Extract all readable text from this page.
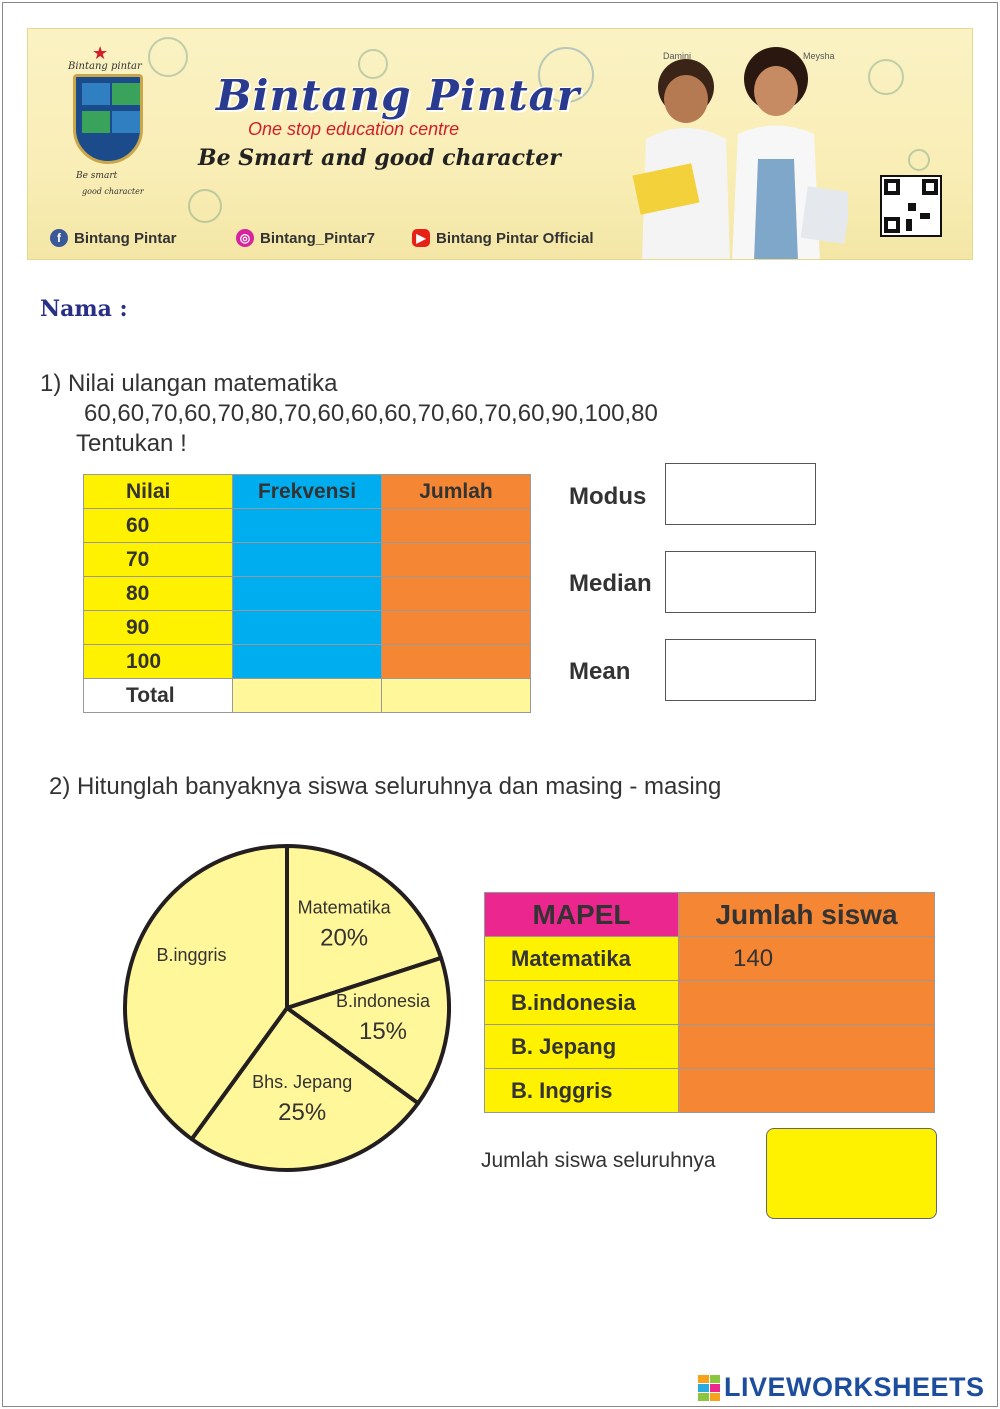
★
Bintang pintar
Be smart
good character
Bintang Pintar
One stop education centre
Be Smart and good character
f Bintang Pintar	◎ Bintang_Pintar7	▶ Bintang Pintar Official
Damini	Meysha
Nama :
1) Nilai ulangan matematika
60,60,70,60,70,80,70,60,60,60,70,60,70,60,90,100,80
Tentukan !
Nilai	Frekvensi	Jumlah
60		
70		
80		
90		
100		
Total		
Modus
Median
Mean
2) Hitunglah banyaknya siswa seluruhnya dan masing - masing
Matematika
20%
B.indonesia
15%
Bhs. Jepang
25%
B.inggris
MAPEL	Jumlah siswa
Matematika	140
B.indonesia	
B. Jepang	
B. Inggris	
Jumlah siswa seluruhnya
LIVEWORKSHEETS
